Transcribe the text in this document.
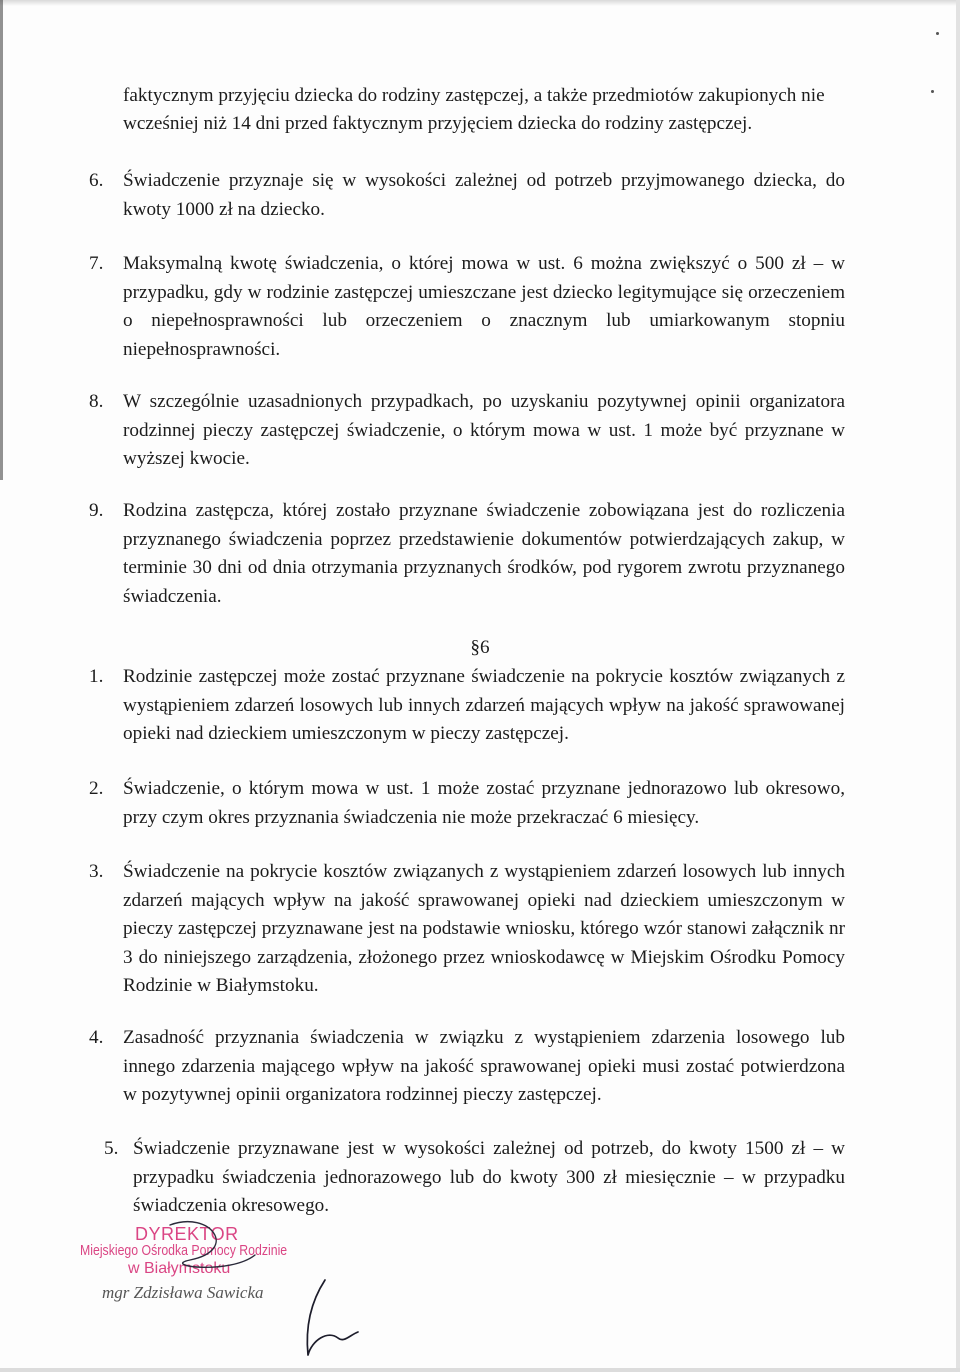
faktycznym przyjęciu dziecka do rodziny zastępczej, a także przedmiotów zakupionych nie

wcześniej niż 14 dni przed faktycznym przyjęciem dziecka do rodziny zastępczej.

6. Świadczenie przyznaje się w wysokości zależnej od potrzeb przyjmowanego dziecka, do kwoty 1000 zł na dziecko.

7. Maksymalną kwotę świadczenia, o której mowa w ust. 6 można zwiększyć o 500 zł – w przypadku, gdy w rodzinie zastępczej umieszczane jest dziecko legitymujące się orzeczeniem o niepełnosprawności lub orzeczeniem o znacznym lub umiarkowanym stopniu niepełnosprawności.

8. W szczególnie uzasadnionych przypadkach, po uzyskaniu pozytywnej opinii organizatora rodzinnej pieczy zastępczej świadczenie, o którym mowa w ust. 1 może być przyznane w wyższej kwocie.

9. Rodzina zastępcza, której zostało przyznane świadczenie zobowiązana jest do rozliczenia przyznanego świadczenia poprzez przedstawienie dokumentów potwierdzających zakup, w terminie 30 dni od dnia otrzymania przyznanych środków, pod rygorem zwrotu przyznanego świadczenia.

§6

1. Rodzinie zastępczej może zostać przyznane świadczenie na pokrycie kosztów związanych z wystąpieniem zdarzeń losowych lub innych zdarzeń mających wpływ na jakość sprawowanej opieki nad dzieckiem umieszczonym w pieczy zastępczej.

2. Świadczenie, o którym mowa w ust. 1 może zostać przyznane jednorazowo lub okresowo, przy czym okres przyznania świadczenia nie może przekraczać 6 miesięcy.

3. Świadczenie na pokrycie kosztów związanych z wystąpieniem zdarzeń losowych lub innych zdarzeń mających wpływ na jakość sprawowanej opieki nad dzieckiem umieszczonym w pieczy zastępczej przyznawane jest na podstawie wniosku, którego wzór stanowi załącznik nr 3 do niniejszego zarządzenia, złożonego przez wnioskodawcę w Miejskim Ośrodku Pomocy Rodzinie w Białymstoku.

4. Zasadność przyznania świadczenia w związku z wystąpieniem zdarzenia losowego lub innego zdarzenia mającego wpływ na jakość sprawowanej opieki musi zostać potwierdzona w pozytywnej opinii organizatora rodzinnej pieczy zastępczej.

5. Świadczenie przyznawane jest w wysokości zależnej od potrzeb, do kwoty 1500 zł – w przypadku świadczenia jednorazowego lub do kwoty 300 zł miesięcznie – w przypadku świadczenia okresowego.

DYREKTOR
Miejskiego Ośrodka Pomocy Rodzinie
w Białymstoku
mgr Zdzisława Sawicka
